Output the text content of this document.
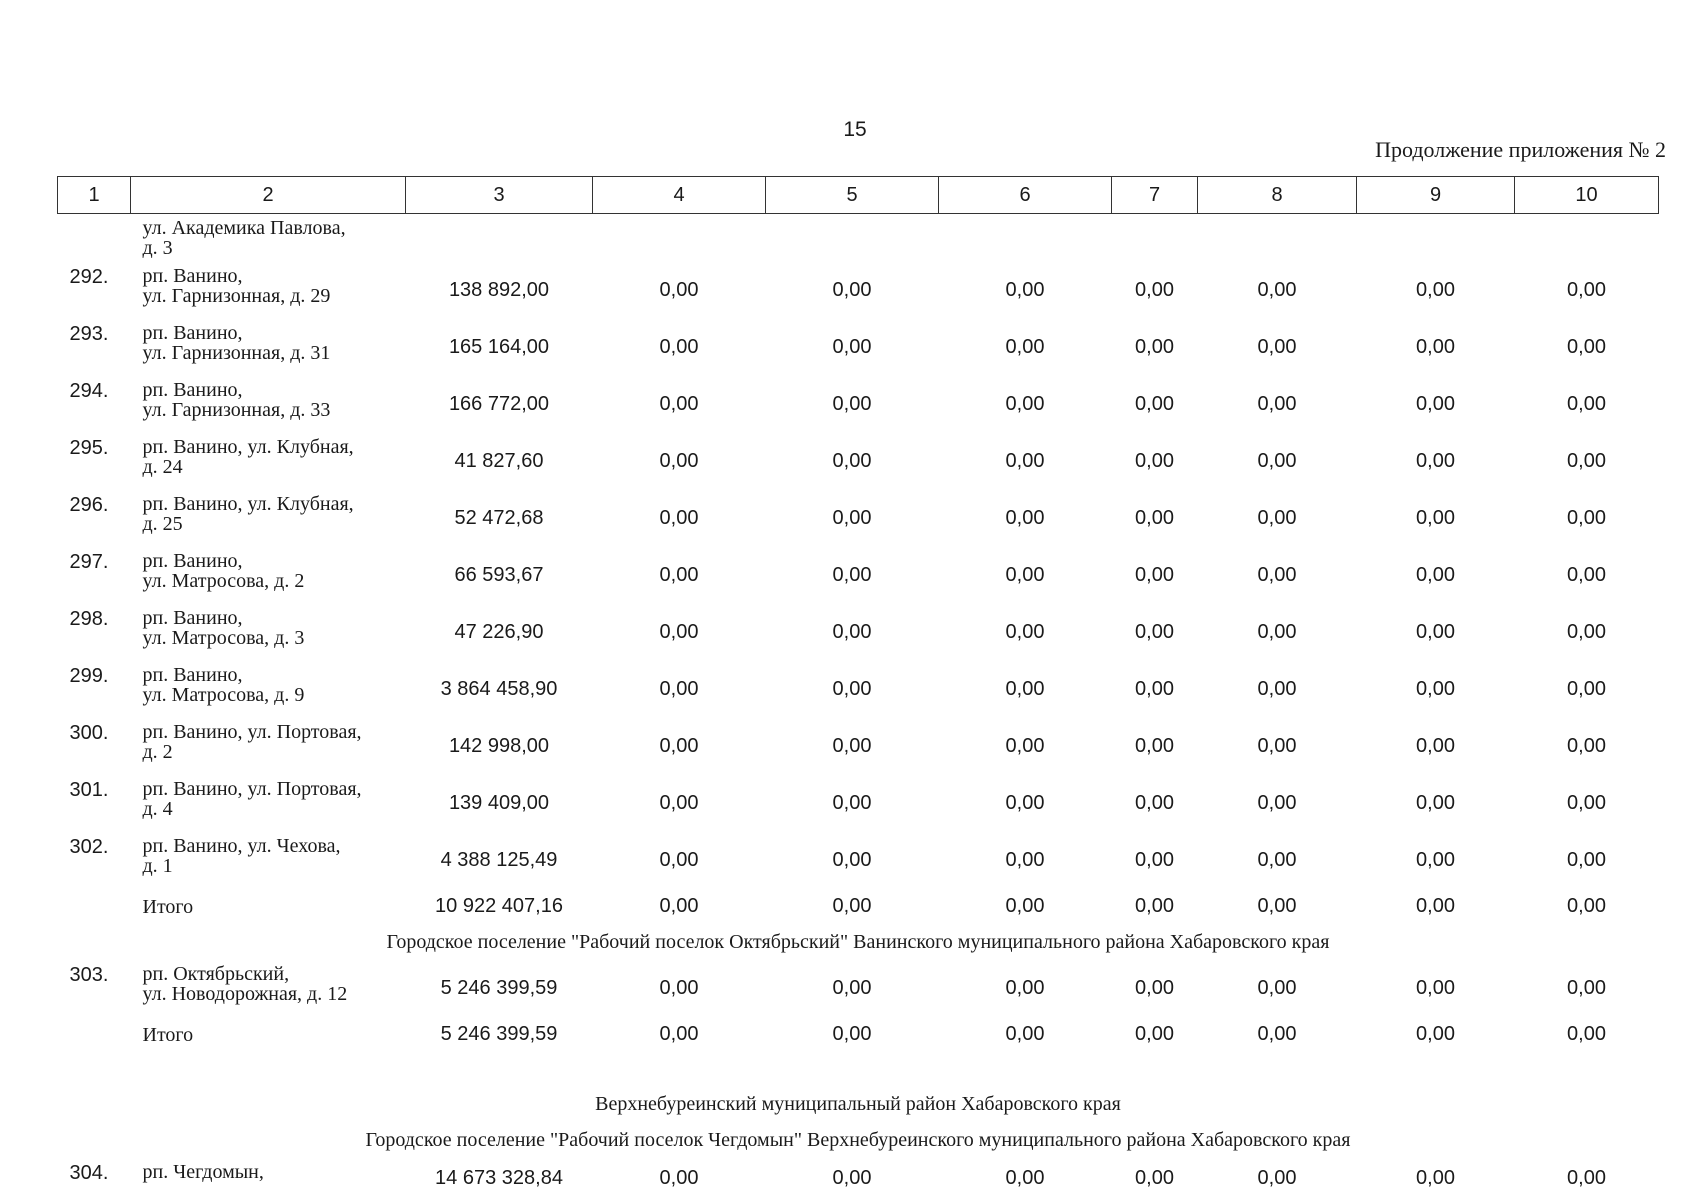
15
Продолжение приложения № 2
1	2	3	4	5	6	7	8	9	10

	ул. Академика Павлова,
д. 3								

292.	рп. Ванино,
ул. Гарнизонная, д. 29	138 892,00	0,00	0,00	0,00	0,00	0,00	0,00	0,00
293.	рп. Ванино,
ул. Гарнизонная, д. 31	165 164,00	0,00	0,00	0,00	0,00	0,00	0,00	0,00
294.	рп. Ванино,
ул. Гарнизонная, д. 33	166 772,00	0,00	0,00	0,00	0,00	0,00	0,00	0,00
295.	рп. Ванино, ул. Клубная,
д. 24	41 827,60	0,00	0,00	0,00	0,00	0,00	0,00	0,00
296.	рп. Ванино, ул. Клубная,
д. 25	52 472,68	0,00	0,00	0,00	0,00	0,00	0,00	0,00
297.	рп. Ванино,
ул. Матросова, д. 2	66 593,67	0,00	0,00	0,00	0,00	0,00	0,00	0,00
298.	рп. Ванино,
ул. Матросова, д. 3	47 226,90	0,00	0,00	0,00	0,00	0,00	0,00	0,00
299.	рп. Ванино,
ул. Матросова, д. 9	3 864 458,90	0,00	0,00	0,00	0,00	0,00	0,00	0,00
300.	рп. Ванино, ул. Портовая,
д. 2	142 998,00	0,00	0,00	0,00	0,00	0,00	0,00	0,00
301.	рп. Ванино, ул. Портовая,
д. 4	139 409,00	0,00	0,00	0,00	0,00	0,00	0,00	0,00
302.	рп. Ванино, ул. Чехова,
д. 1	4 388 125,49	0,00	0,00	0,00	0,00	0,00	0,00	0,00
	Итого	10 922 407,16	0,00	0,00	0,00	0,00	0,00	0,00	0,00
Городское поселение "Рабочий поселок Октябрьский" Ванинского муниципального района Хабаровского края									
303.	рп. Октябрьский,
ул. Новодорожная, д. 12	5 246 399,59	0,00	0,00	0,00	0,00	0,00	0,00	0,00
	Итого	5 246 399,59	0,00	0,00	0,00	0,00	0,00	0,00	0,00

Верхнебуреинский муниципальный район Хабаровского края									
Городское поселение "Рабочий поселок Чегдомын" Верхнебуреинского муниципального района Хабаровского края									
304.	рп. Чегдомын,	14 673 328,84	0,00	0,00	0,00	0,00	0,00	0,00	0,00
